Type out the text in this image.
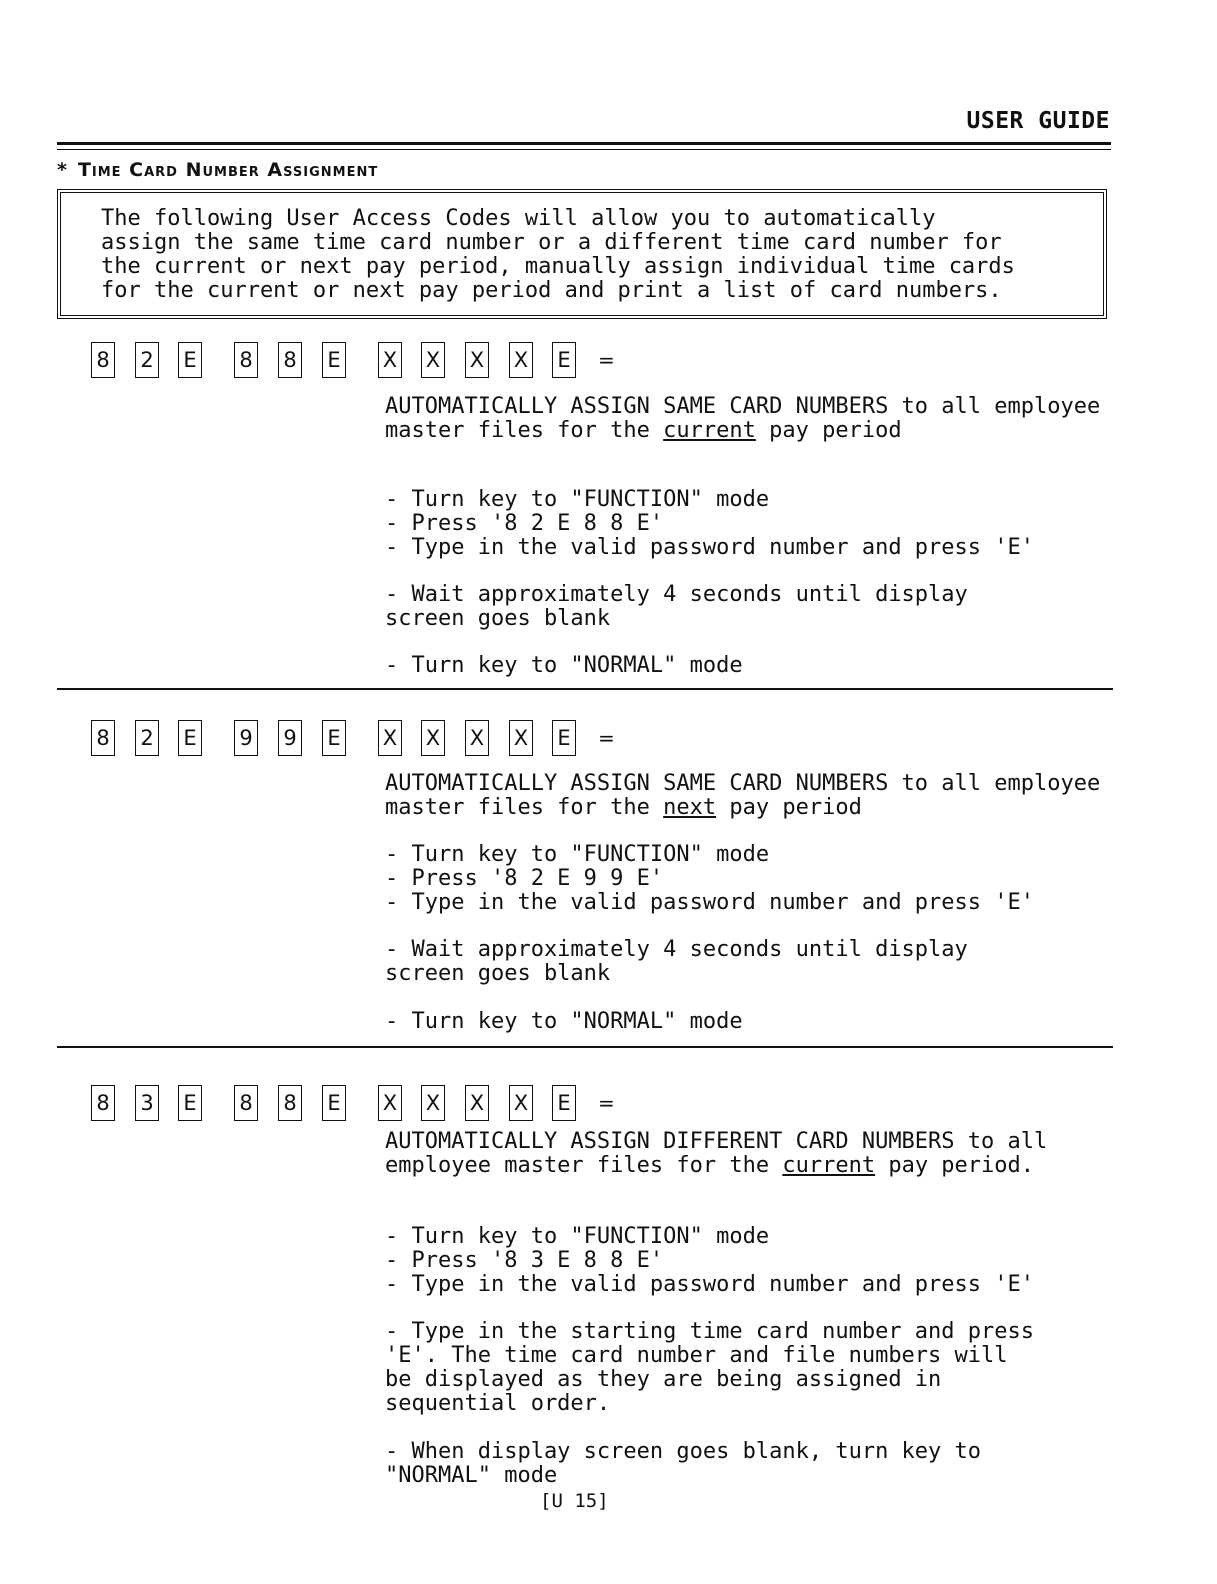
USER GUIDE
* Time Card Number Assignment
The following User Access Codes will allow you to automatically
assign the same time card number or a different time card number for
the current or next pay period, manually assign individual time cards
for the current or next pay period and print a list of card numbers.
8 2 E 8 8 E X X X X E =
AUTOMATICALLY ASSIGN SAME CARD NUMBERS to all employee master files for the current pay period
- Turn key to "FUNCTION" mode
- Press '8 2 E 8 8 E'
- Type in the valid password number and press 'E'
- Wait approximately 4 seconds until display
screen goes blank
- Turn key to "NORMAL" mode
8 2 E 9 9 E X X X X E =
AUTOMATICALLY ASSIGN SAME CARD NUMBERS to all employee master files for the next pay period
- Turn key to "FUNCTION" mode
- Press '8 2 E 9 9 E'
- Type in the valid password number and press 'E'
- Wait approximately 4 seconds until display
screen goes blank
- Turn key to "NORMAL" mode
8 3 E 8 8 E X X X X E =
AUTOMATICALLY ASSIGN DIFFERENT CARD NUMBERS to all employee master files for the current pay period.
- Turn key to "FUNCTION" mode
- Press '8 3 E 8 8 E'
- Type in the valid password number and press 'E'
- Type in the starting time card number and press
'E'. The time card number and file numbers will
be displayed as they are being assigned in
sequential order.
- When display screen goes blank, turn key to
"NORMAL" mode
[U 15]
